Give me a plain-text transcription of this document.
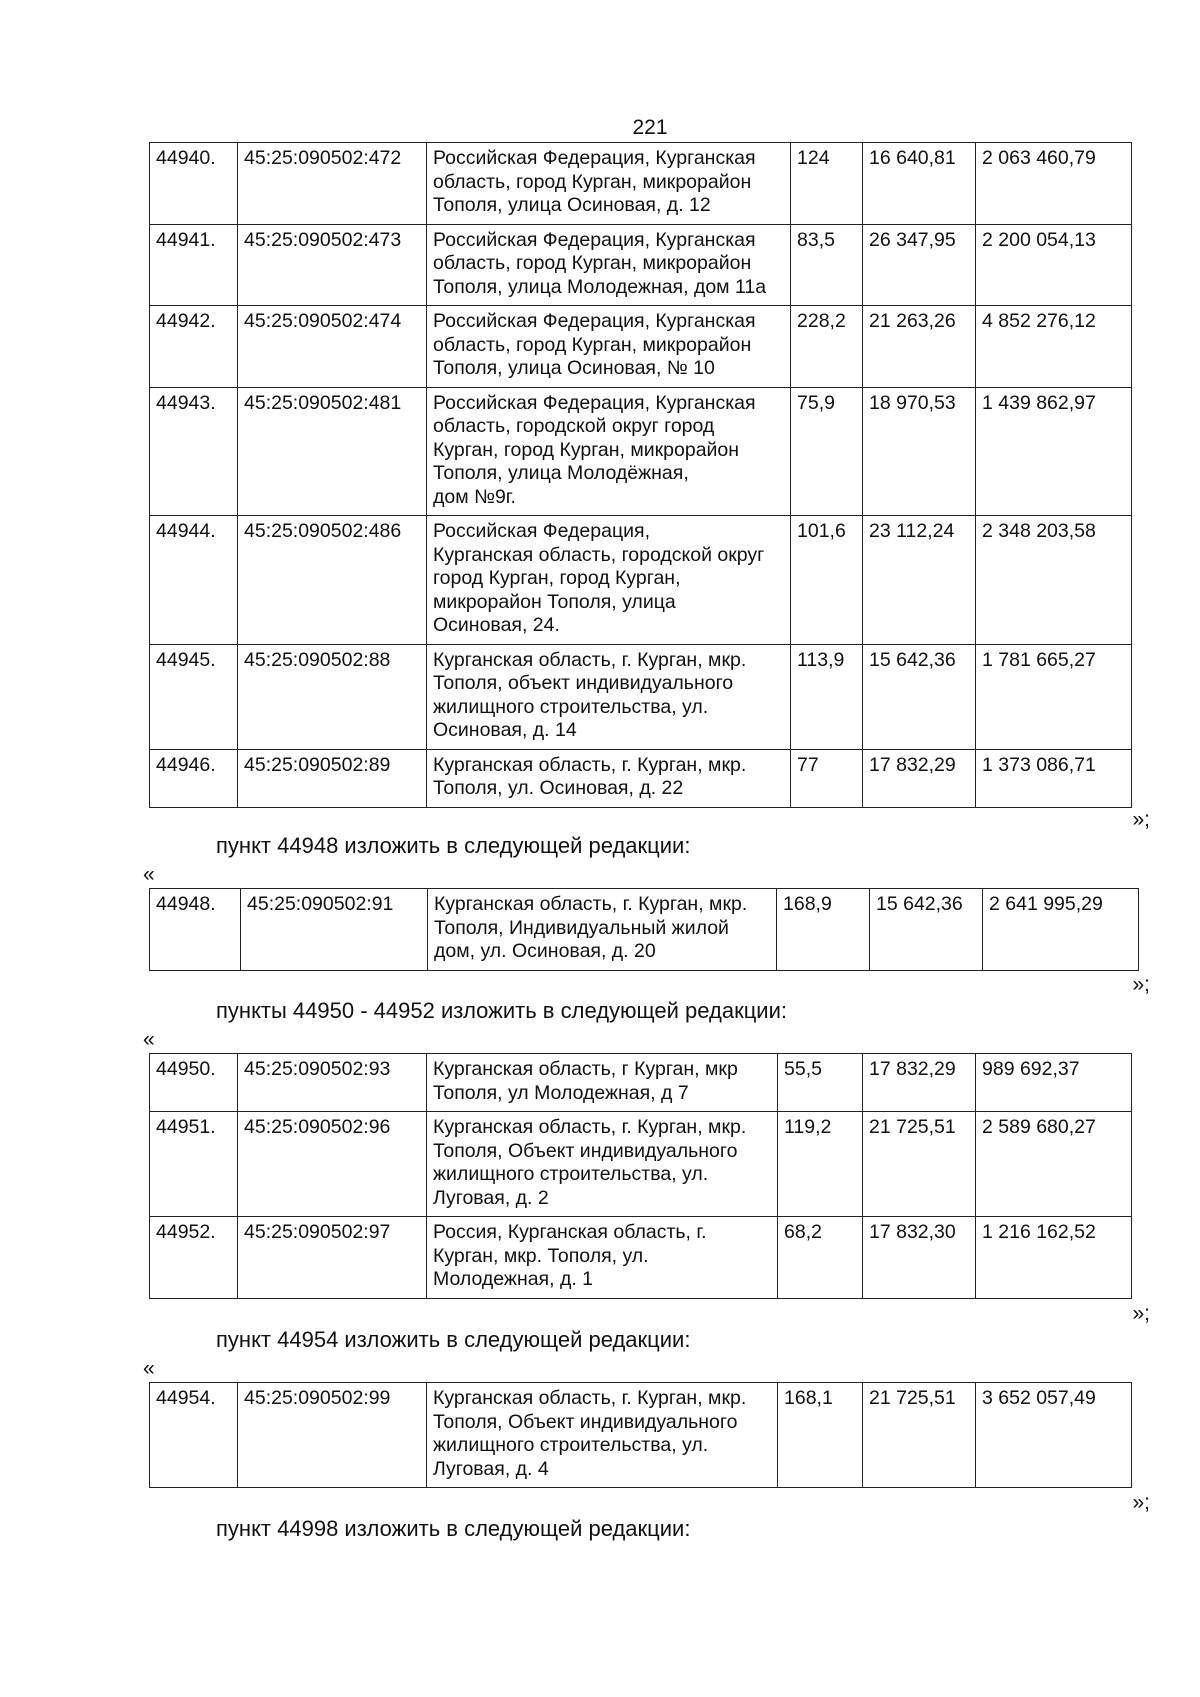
221
44940.	45:25:090502:472	Российская Федерация, Курганская
область, город Курган, микрорайон
Тополя, улица Осиновая, д. 12	124	16 640,81	2 063 460,79
44941.	45:25:090502:473	Российская Федерация, Курганская
область, город Курган, микрорайон
Тополя, улица Молодежная, дом 11а	83,5	26 347,95	2 200 054,13
44942.	45:25:090502:474	Российская Федерация, Курганская
область, город Курган, микрорайон
Тополя, улица Осиновая, № 10	228,2	21 263,26	4 852 276,12
44943.	45:25:090502:481	Российская Федерация, Курганская
область, городской округ город
Курган, город Курган, микрорайон
Тополя, улица Молодёжная,
дом №9г.	75,9	18 970,53	1 439 862,97
44944.	45:25:090502:486	Российская Федерация,
Курганская область, городской округ
город Курган, город Курган,
микрорайон Тополя, улица
Осиновая, 24.	101,6	23 112,24	2 348 203,58
44945.	45:25:090502:88	Курганская область, г. Курган, мкр.
Тополя, объект индивидуального
жилищного строительства, ул.
Осиновая, д. 14	113,9	15 642,36	1 781 665,27
44946.	45:25:090502:89	Курганская область, г. Курган, мкр.
Тополя, ул. Осиновая, д. 22	77	17 832,29	1 373 086,71
»;
пункт 44948 изложить в следующей редакции:
«
44948.	45:25:090502:91	Курганская область, г. Курган, мкр.
Тополя, Индивидуальный жилой
дом, ул. Осиновая, д. 20	168,9	15 642,36	2 641 995,29
»;
пункты 44950 - 44952 изложить в следующей редакции:
«
44950.	45:25:090502:93	Курганская область, г Курган, мкр
Тополя, ул Молодежная, д 7	55,5	17 832,29	989 692,37
44951.	45:25:090502:96	Курганская область, г. Курган, мкр.
Тополя, Объект индивидуального
жилищного строительства, ул.
Луговая, д. 2	119,2	21 725,51	2 589 680,27
44952.	45:25:090502:97	Россия, Курганская область, г.
Курган, мкр. Тополя, ул.
Молодежная, д. 1	68,2	17 832,30	1 216 162,52
»;
пункт 44954 изложить в следующей редакции:
«
44954.	45:25:090502:99	Курганская область, г. Курган, мкр.
Тополя, Объект индивидуального
жилищного строительства, ул.
Луговая, д. 4	168,1	21 725,51	3 652 057,49
»;
пункт 44998 изложить в следующей редакции:
